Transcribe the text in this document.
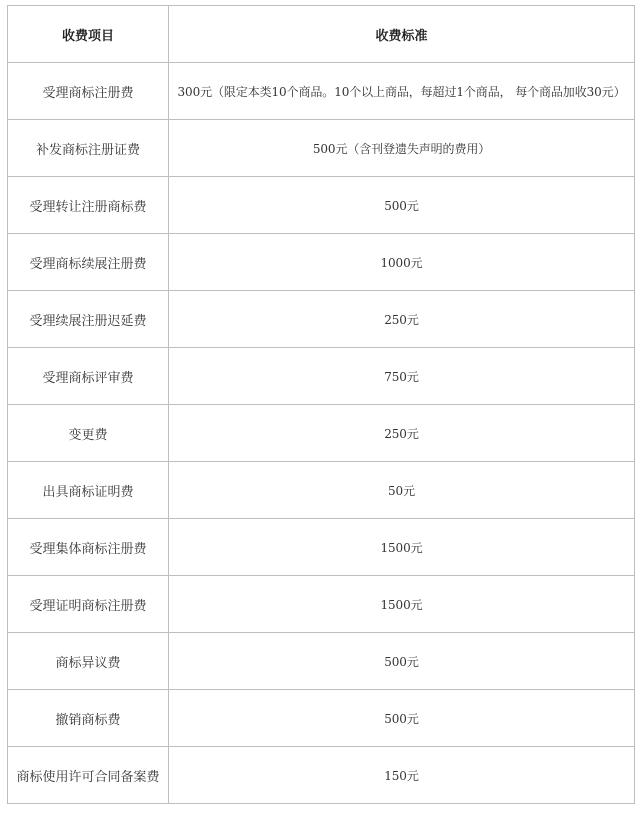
收费项目	收费标准
受理商标注册费	300元（限定本类10个商品。10个以上商品，每超过1个商品， 每个商品加收30元）
补发商标注册证费	500元（含刊登遗失声明的费用）
受理转让注册商标费	500元
受理商标续展注册费	1000元
受理续展注册迟延费	250元
受理商标评审费	750元
变更费	250元
出具商标证明费	50元
受理集体商标注册费	1500元
受理证明商标注册费	1500元
商标异议费	500元
撤销商标费	500元
商标使用许可合同备案费	150元
